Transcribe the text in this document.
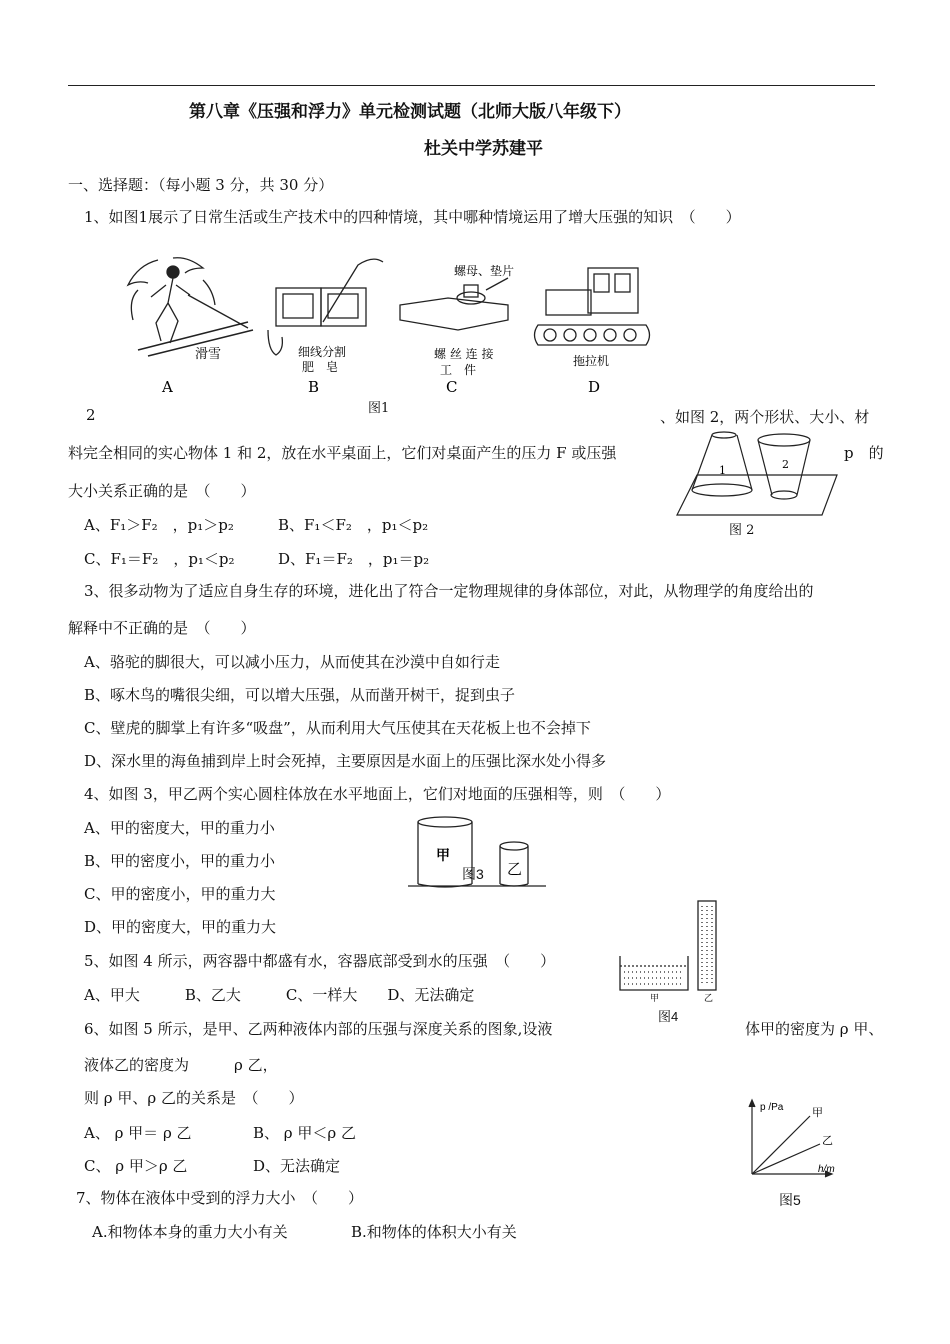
第八章《压强和浮力》单元检测试题（北师大版八年级下）
杜关中学苏建平
一、选择题：（每小题 3 分，共 30 分）
1、如图1展示了日常生活或生产技术中的四种情境，其中哪种情境运用了增大压强的知识　（　　）
滑雪	细线分割
肥　皂
螺母、垫片
螺 丝 连 接
工　件
拖拉机
A	B	C	D
图1
2	、如图 2，两个形状、大小、材
料完全相同的实心物体 1 和 2，放在水平桌面上，它们对桌面产生的压力 F 或压强	p　的
大小关系正确的是　（　　）
A、F₁＞F₂　，p₁＞p₂	B、F₁＜F₂　，p₁＜p₂
C、F₁＝F₂　，p₁＜p₂	D、F₁＝F₂　，p₁＝p₂
1	2
图 2
3、很多动物为了适应自身生存的环境，进化出了符合一定物理规律的身体部位，对此，从物理学的角度给出的
解释中不正确的是　（　　）
A、骆驼的脚很大，可以减小压力，从而使其在沙漠中自如行走
B、啄木鸟的嘴很尖细，可以增大压强，从而凿开树干，捉到虫子
C、壁虎的脚掌上有许多“吸盘”，从而利用大气压使其在天花板上也不会掉下
D、深水里的海鱼捕到岸上时会死掉，主要原因是水面上的压强比深水处小得多
4、如图 3，甲乙两个实心圆柱体放在水平地面上，它们对地面的压强相等，则　（　　）
A、甲的密度大，甲的重力小
B、甲的密度小，甲的重力小
C、甲的密度小，甲的重力大
D、甲的密度大，甲的重力大
甲
乙
图3
5、如图 4 所示，两容器中都盛有水，容器底部受到水的压强　（　　）
A、甲大　　　B、乙大　　　C、一样大　　D、无法确定	甲	乙
图4
6、如图 5 所示，是甲、乙两种液体内部的压强与深度关系的图象,设液	体甲的密度为 ρ 甲、
液体乙的密度为　　　ρ 乙，
则 ρ 甲、ρ 乙的关系是　（　　）
A、 ρ 甲＝ ρ 乙	B、 ρ 甲＜ρ 乙
C、 ρ 甲＞ρ 乙	D、无法确定
p /Pa	甲
乙
h/m
图5
7、物体在液体中受到的浮力大小　（　　）
A.和物体本身的重力大小有关	B.和物体的体积大小有关
